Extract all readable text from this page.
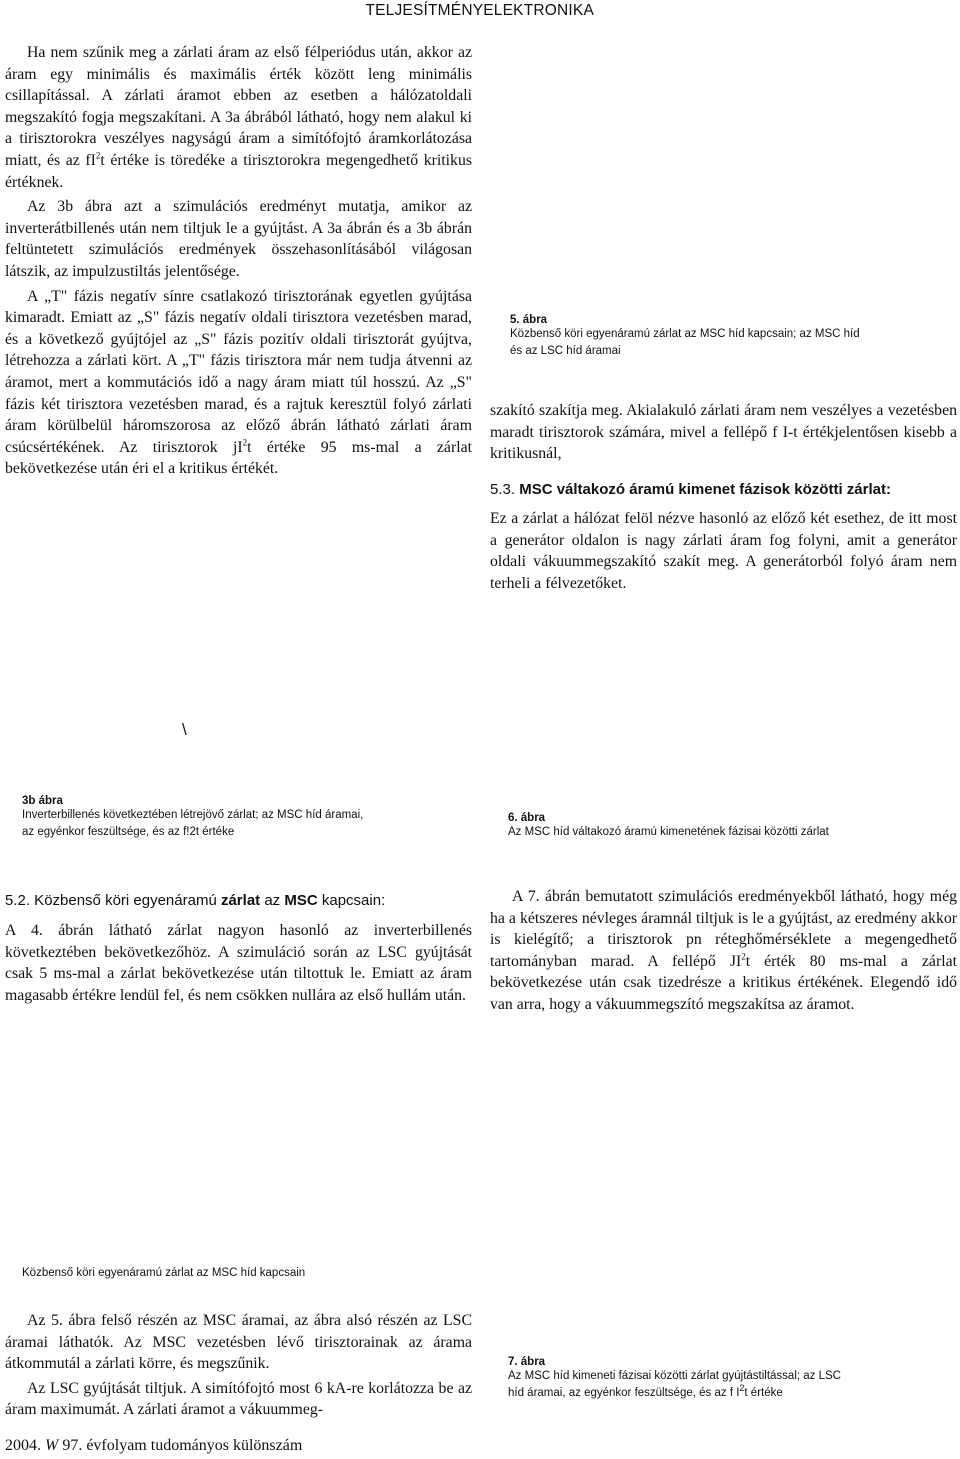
TELJESÍTMÉNYELEKTRONIKA

Ha nem szűnik meg a zárlati áram az első félperiódus után, akkor az áram egy minimális és maximális érték között leng minimális csillapítással. A zárlati áramot ebben az esetben a hálózatoldali megszakító fogja megszakítani. A 3a ábrából látható, hogy nem alakul ki a tirisztorokra veszélyes nagyságú áram a simítófojtó áramkorlátozása miatt, és az $fI^2t$ értéke is töredéke a tirisztorokra megengedhető kritikus értéknek.

Az 3b ábra azt a szimulációs eredményt mutatja, amikor az inverterátbillenés után nem tiltjuk le a gyújtást. A 3a ábrán és a 3b ábrán feltüntetett szimulációs eredmények összehasonlításából világosan látszik, az impulzustiltás jelentősége.

A „T" fázis negatív sínre csatlakozó tirisztorának egyetlen gyújtása kimaradt. Emiatt az „S" fázis negatív oldali tirisztora vezetésben marad, és a következő gyújtójel az „S" fázis pozitív oldali tirisztorát gyújtva, létrehozza a zárlati kört. A „T" fázis tirisztora már nem tudja átvenni az áramot, mert a kommutációs idő a nagy áram miatt túl hosszú. Az „S" fázis két tirisztora vezetésben marad, és a rajtuk keresztül folyó zárlati áram körülbelül háromszorosa az előző ábrán látható zárlati áram csúcsértékének. Az tirisztorok $jI^2t$ értéke 95 ms-mal a zárlat bekövetkezése után éri el a kritikus értékét.

5. ábra
Közbenső köri egyenáramú zárlat az MSC híd kapcsain; az MSC híd
és az LSC híd áramai

szakító szakítja meg. Akialakuló zárlati áram nem veszélyes a vezetésben maradt tirisztorok számára, mivel a fellépő f I-t értékjelentősen kisebb a kritikusnál,

5.3. MSC váltakozó áramú kimenet fázisok közötti zárlat:

Ez a zárlat a hálózat felöl nézve hasonló az előző két esethez, de itt most a generátor oldalon is nagy zárlati áram fog folyni, amit a generátor oldali vákuummegszakító szakít meg. A generátorból folyó áram nem terheli a félvezetőket.

\
3b ábra
Inverterbillenés következtében létrejövő zárlat; az MSC híd áramai,
az egyénkor feszültsége, és az f!2t értéke
6. ábra
Az MSC híd váltakozó áramú kimenetének fázisai közötti zárlat
5.2. Közbenső köri egyenáramú zárlat az MSC kapcsain:

A 4. ábrán látható zárlat nagyon hasonló az inverterbillenés következtében bekövetkezőhöz. A szimuláció során az LSC gyújtását csak 5 ms-mal a zárlat bekövetkezése után tiltottuk le. Emiatt az áram magasabb értékre lendül fel, és nem csökken nullára az első hullám után.

A 7. ábrán bemutatott szimulációs eredményekből látható, hogy még ha a kétszeres névleges áramnál tiltjuk is le a gyújtást, az eredmény akkor is kielégítő; a tirisztorok pn réteghőmérséklete a megengedhető tartományban marad. A fellépő $JI^2t$ érték 80 ms-mal a zárlat bekövetkezése után csak tizedrésze a kritikus értékének. Elegendő idő van arra, hogy a vákuummegszító megszakítsa az áramot.

Közbenső köri egyenáramú zárlat az MSC híd kapcsain

Az 5. ábra felső részén az MSC áramai, az ábra alsó részén az LSC áramai láthatók. Az MSC vezetésben lévő tirisztorainak az árama átkommutál a zárlati körre, és megszűnik.

Az LSC gyújtását tiltjuk. A simítófojtó most 6 kA-re korlátozza be az áram maximumát. A zárlati áramot a vákuummeg-

7. ábra
Az MSC híd kimeneti fázisai közötti zárlat gyújtástiltással; az LSC
híd áramai, az egyénkor feszültsége, és az f $I^2t$ értéke
2004. W 97. évfolyam tudományos különszám
